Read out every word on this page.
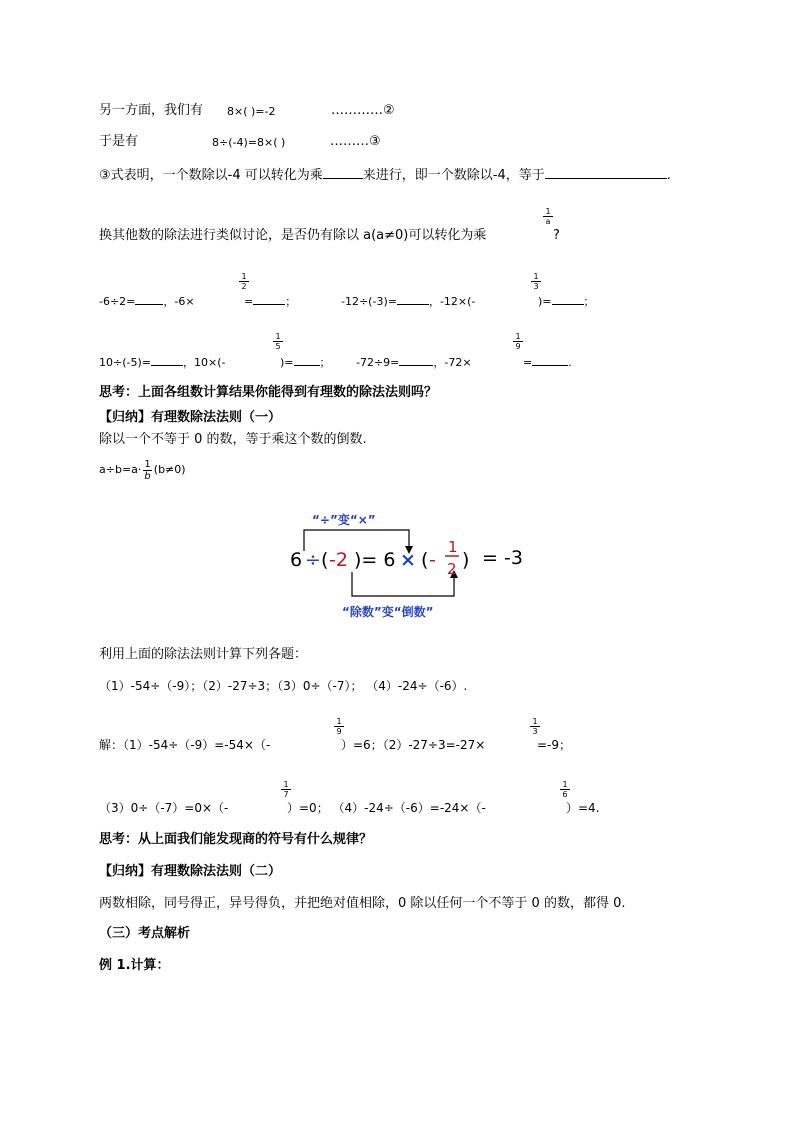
另一方面，我们有 8×( )=-2	…………②
于是有	8÷(-4)=8×( )	………③
③式表明，一个数除以-4 可以转化为乘	来进行，即一个数除以-4，等于	.
换其他数的除法进行类似讨论，是否仍有除以 a(a≠0)可以转化为乘
$\frac{1}{a}$
?
-6÷2=	，-6×
$\frac{1}{2}$
=	；	-12÷(-3)=	，-12×(-
$\frac{1}{3}$
)=	；
10÷(-5)=	，10×(-
$\frac{1}{5}$
)= ； -72÷9=	，-72×
$\frac{1}{9}$
=	.
思考：上面各组数计算结果你能得到有理数的除法法则吗？
【归纳】有理数除法法则（一）
除以一个不等于 0 的数，等于乘这个数的倒数.
$a\div b=a\cdot \frac{1}{b} (b\ne 0)$
“÷”变“×”
6 ÷ ( -2 )= 6 × ( -
1
2 ) = -3
“除数”变“倒数”
利用上面的除法法则计算下列各题：
（1）-54÷（-9）；（2）-27÷3；（3）0÷（-7）； （4）-24÷（-6）.
解：（1）-54÷（-9）=-54×（-
$\frac{1}{9}$
）=6；（2）-27÷3=-27×
$\frac{1}{3}$
=-9；
（3）0÷（-7）=0×（-
$\frac{1}{7}$
）=0； （4）-24÷（-6）=-24×（-
$\frac{1}{6}$
）=4.
思考：从上面我们能发现商的符号有什么规律？
【归纳】有理数除法法则（二）
两数相除，同号得正，异号得负，并把绝对值相除，0 除以任何一个不等于 0 的数，都得 0.
（三）考点解析
例 1.计算：
